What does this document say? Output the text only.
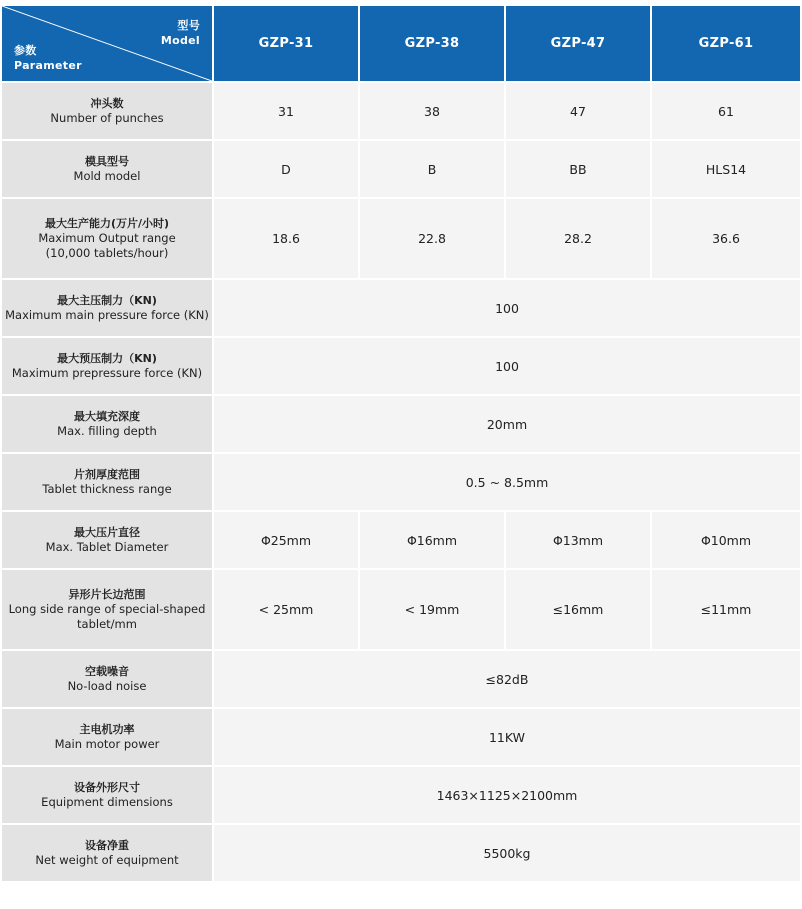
型号
Model
参数
Parameter	GZP-31	GZP-38	GZP-47	GZP-61

冲头数
Number of punches	31	38	47	61

模具型号
Mold model	D	B	BB	HLS14

最大生产能力(万片/小时)
Maximum Output range
(10,000 tablets/hour)	18.6	22.8	28.2	36.6

最大主压制力（KN)
Maximum main pressure force (KN)	100			

最大预压制力（KN)
Maximum prepressure force (KN)	100			

最大填充深度
Max. filling depth	20mm			

片剂厚度范围
Tablet thickness range	0.5 ~ 8.5mm			

最大压片直径
Max. Tablet Diameter	Φ25mm	Φ16mm	Φ13mm	Φ10mm

异形片长边范围
Long side range of special-shaped
tablet/mm	< 25mm	< 19mm	≤16mm	≤11mm

空载噪音
No-load noise	≤82dB			

主电机功率
Main motor power	11KW			

设备外形尺寸
Equipment dimensions	1463×1125×2100mm			

设备净重
Net weight of equipment	5500kg			
